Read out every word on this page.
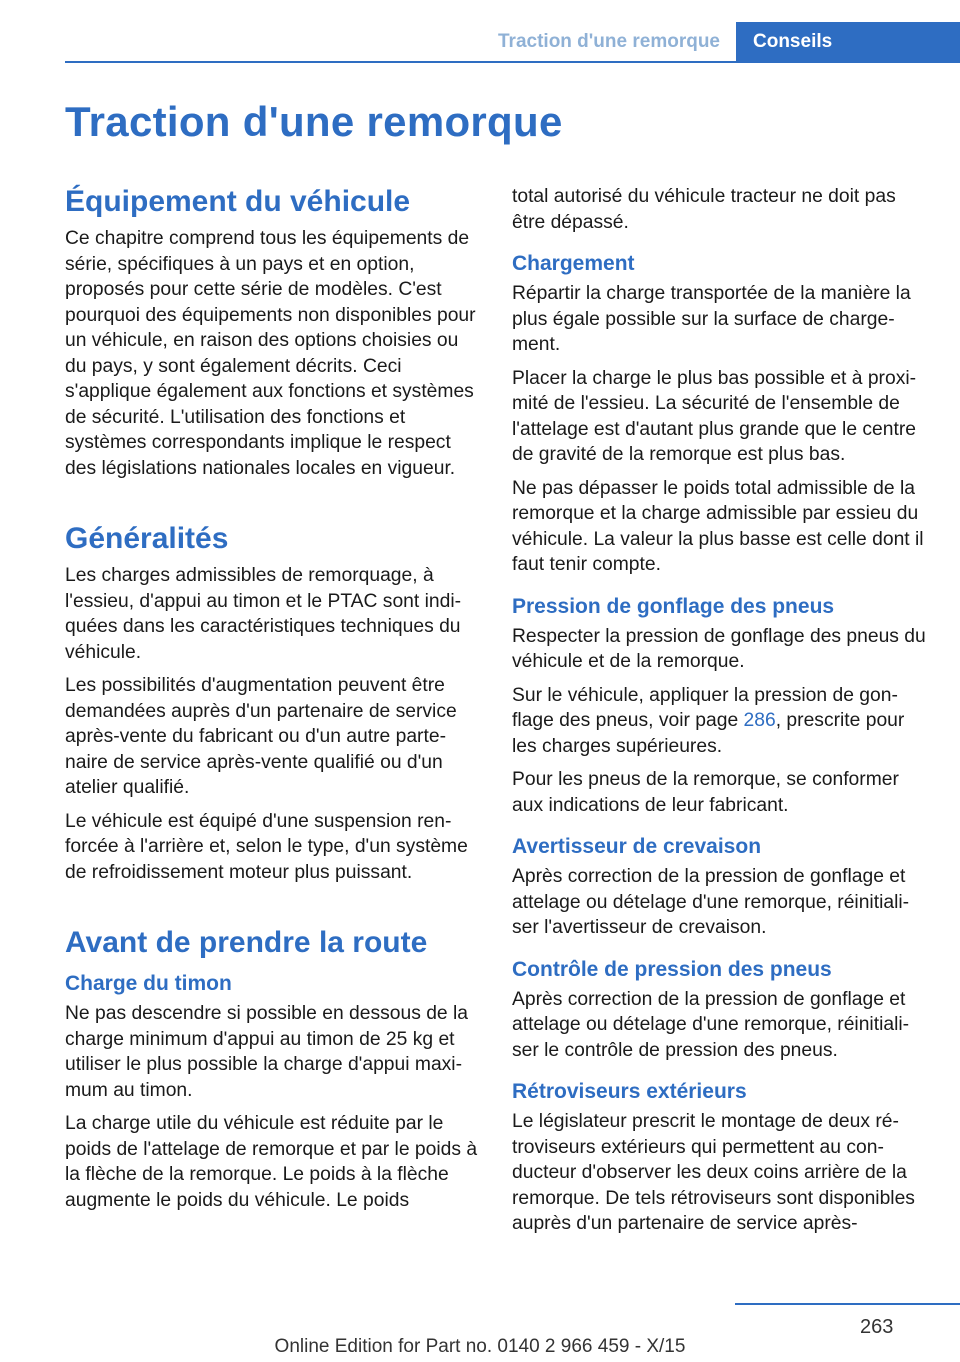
Traction d'une remorque	Conseils
Traction d'une remorque
Équipement du véhicule

Ce chapitre comprend tous les équipements de série, spécifiques à un pays et en option, proposés pour cette série de modèles. C'est pourquoi des équipements non disponibles pour un véhicule, en raison des options choisies ou du pays, y sont également décrits. Ceci s'applique également aux fonctions et systèmes de sécurité. L'utilisation des fonctions et systèmes correspondants implique le respect des législations nationales locales en vigueur.

Généralités

Les charges admissibles de remorquage, à l'essieu, d'appui au timon et le PTAC sont indiquées dans les caractéristiques techniques du véhicule.

Les possibilités d'augmentation peuvent être demandées auprès d'un partenaire de service après-vente du fabricant ou d'un autre partenaire de service après-vente qualifié ou d'un atelier qualifié.

Le véhicule est équipé d'une suspension renforcée à l'arrière et, selon le type, d'un système de refroidissement moteur plus puissant.

Avant de prendre la route
Charge du timon

Ne pas descendre si possible en dessous de la charge minimum d'appui au timon de 25 kg et utiliser le plus possible la charge d'appui maximum au timon.

La charge utile du véhicule est réduite par le poids de l'attelage de remorque et par le poids à la flèche de la remorque. Le poids à la flèche augmente le poids du véhicule. Le poids

total autorisé du véhicule tracteur ne doit pas être dépassé.

Chargement

Répartir la charge transportée de la manière la plus égale possible sur la surface de chargement.

Placer la charge le plus bas possible et à proximité de l'essieu. La sécurité de l'ensemble de l'attelage est d'autant plus grande que le centre de gravité de la remorque est plus bas.

Ne pas dépasser le poids total admissible de la remorque et la charge admissible par essieu du véhicule. La valeur la plus basse est celle dont il faut tenir compte.

Pression de gonflage des pneus

Respecter la pression de gonflage des pneus du véhicule et de la remorque.

Sur le véhicule, appliquer la pression de gonflage des pneus, voir page 286, prescrite pour les charges supérieures.

Pour les pneus de la remorque, se conformer aux indications de leur fabricant.

Avertisseur de crevaison

Après correction de la pression de gonflage et attelage ou dételage d'une remorque, réinitialiser l'avertisseur de crevaison.

Contrôle de pression des pneus

Après correction de la pression de gonflage et attelage ou dételage d'une remorque, réinitialiser le contrôle de pression des pneus.

Rétroviseurs extérieurs

Le législateur prescrit le montage de deux rétroviseurs extérieurs qui permettent au conducteur d'observer les deux coins arrière de la remorque. De tels rétroviseurs sont disponibles auprès d'un partenaire de service après-

263
Online Edition for Part no. 0140 2 966 459 - X/15
